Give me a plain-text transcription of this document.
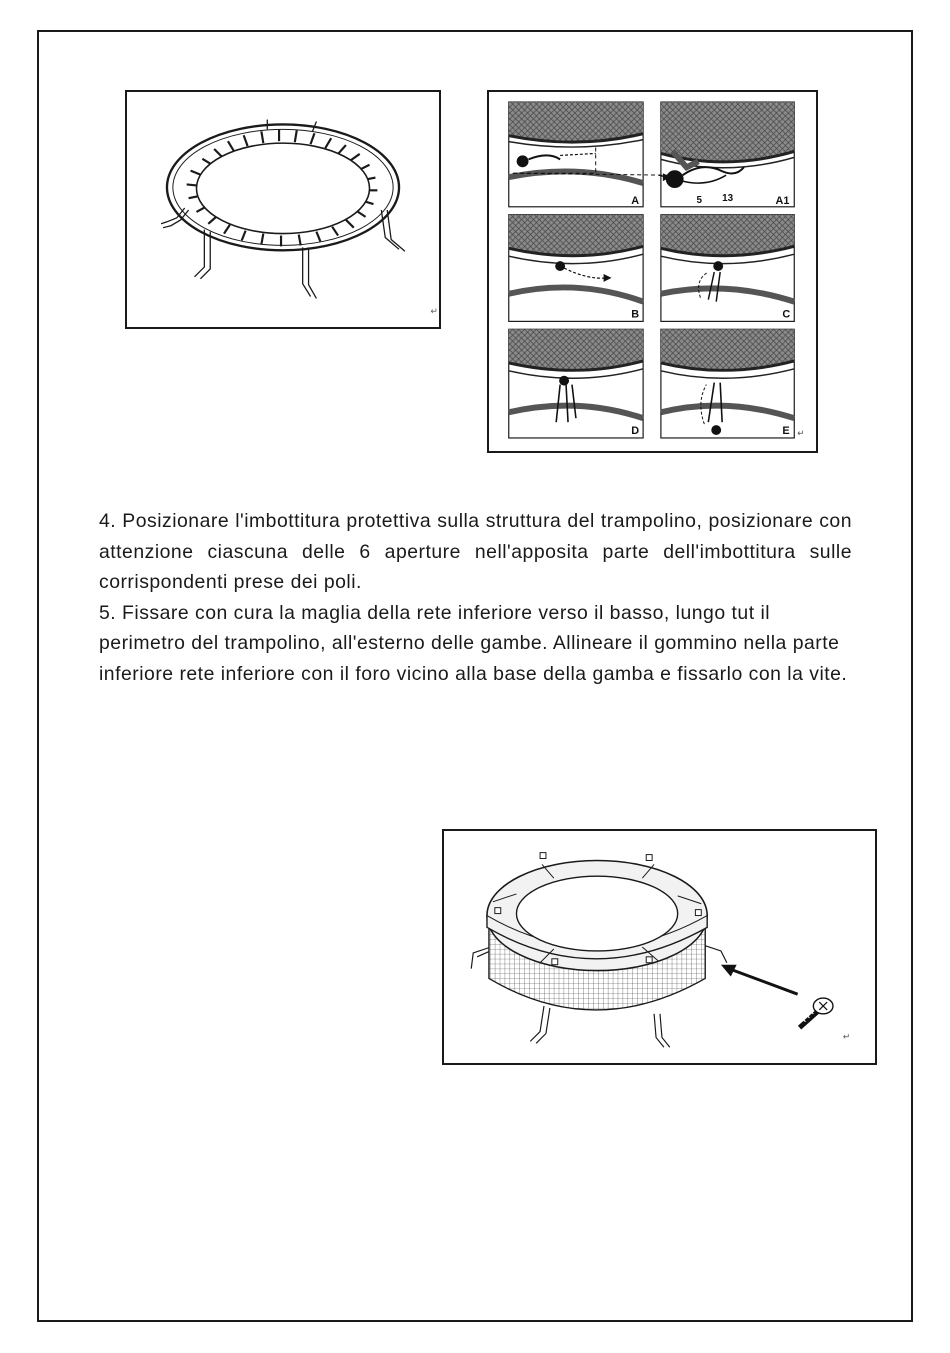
↵
A	5 13	A1
B	C
D	E ↵

4. Posizionare l'imbottitura protettiva sulla struttura del trampolino, posizionare con attenzione ciascuna delle 6 aperture nell'apposita parte dell'imbottitura sulle corrispondenti prese dei poli.

5. Fissare con cura la maglia della rete inferiore verso il basso, lungo tut il perimetro del trampolino, all'esterno delle gambe. Allineare il gommino nella parte inferiore rete inferiore con il foro vicino alla base della gamba e fissarlo con la vite.

↵
